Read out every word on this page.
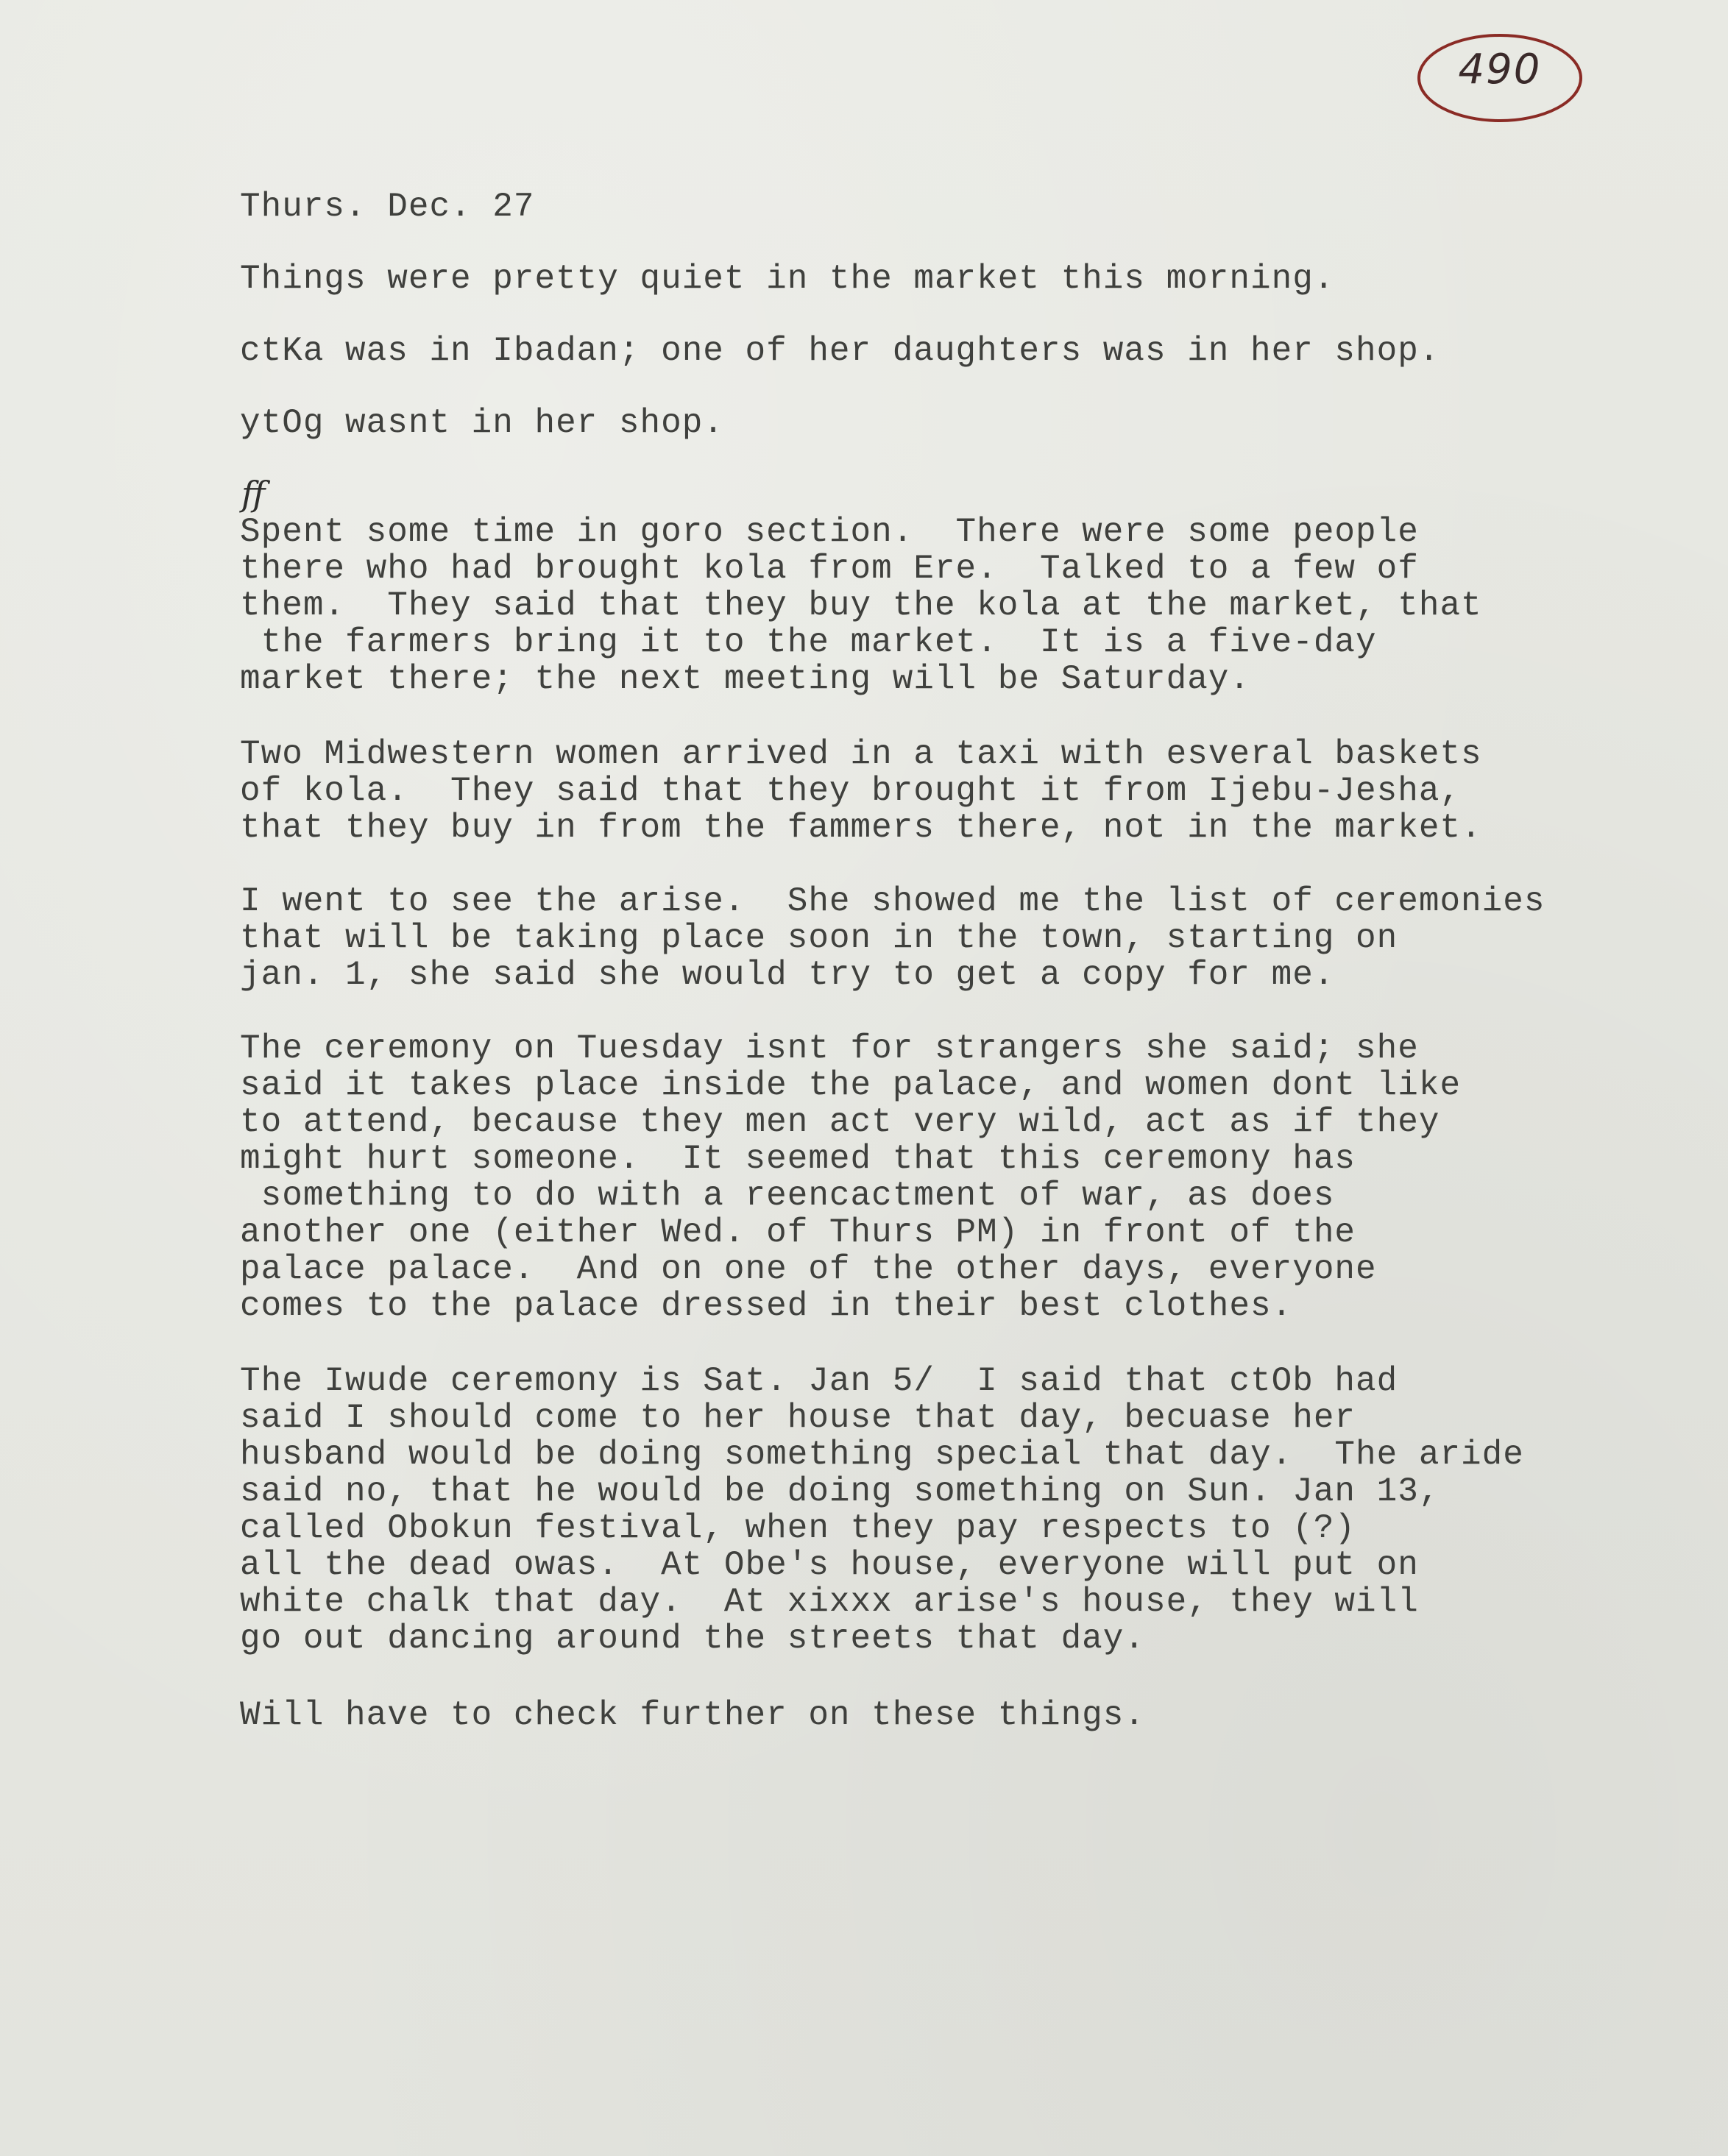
490

Thurs. Dec. 27

Things were pretty quiet in the market this morning.

ctKa was in Ibadan; one of her daughters was in her shop.

ytOg wasnt in her shop.

ff

Spent some time in goro section.  There were some people
there who had brought kola from Ere.  Talked to a few of
them.  They said that they buy the kola at the market, that
the farmers bring it to the market.  It is a five-day
market there; the next meeting will be Saturday.

Two Midwestern women arrived in a taxi with esveral baskets
of kola.  They said that they brought it from Ijebu-Jesha,
that they buy in from the fammers there, not in the market.

I went to see the arise.  She showed me the list of ceremonies
that will be taking place soon in the town, starting on
jan. 1, she said she would try to get a copy for me.

The ceremony on Tuesday isnt for strangers she said; she
said it takes place inside the palace, and women dont like
to attend, because they men act very wild, act as if they
might hurt someone.  It seemed that this ceremony has
something to do with a reencactment of war, as does
another one (either Wed. of Thurs PM) in front of the
palace palace.  And on one of the other days, everyone
comes to the palace dressed in their best clothes.

The Iwude ceremony is Sat. Jan 5/  I said that ctOb had
said I should come to her house that day, becuase her
husband would be doing something special that day.  The aride
said no, that he would be doing something on Sun. Jan 13,
called Obokun festival, when they pay respects to (?)
all the dead owas.  At Obe's house, everyone will put on
white chalk that day.  At xixxx arise's house, they will
go out dancing around the streets that day.

Will have to check further on these things.
